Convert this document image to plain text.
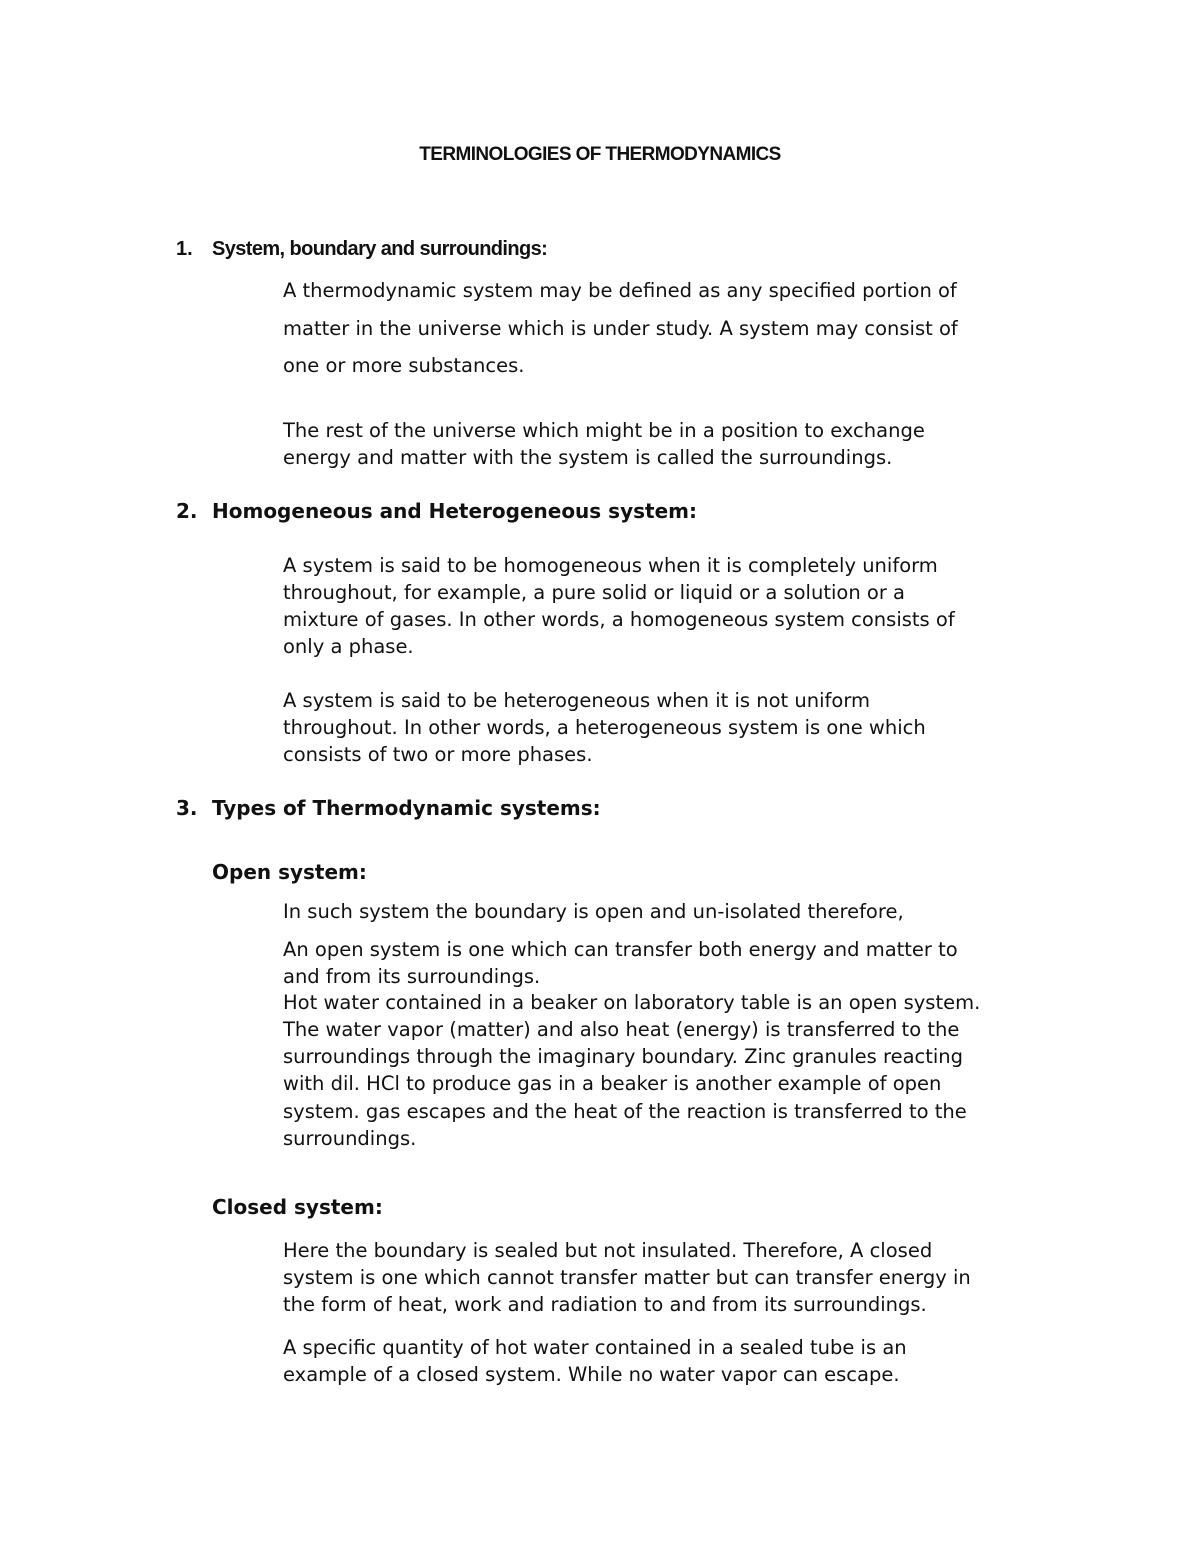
TERMINOLOGIES OF THERMODYNAMICS
1. System, boundary and surroundings:
A thermodynamic system may be defined as any specified portion of
matter in the universe which is under study. A system may consist of
one or more substances.
The rest of the universe which might be in a position to exchange
energy and matter with the system is called the surroundings.
2. Homogeneous and Heterogeneous system:
A system is said to be homogeneous when it is completely uniform
throughout, for example, a pure solid or liquid or a solution or a
mixture of gases. In other words, a homogeneous system consists of
only a phase.
A system is said to be heterogeneous when it is not uniform
throughout. In other words, a heterogeneous system is one which
consists of two or more phases.
3. Types of Thermodynamic systems:
Open system:
In such system the boundary is open and un-isolated therefore,
An open system is one which can transfer both energy and matter to
and from its surroundings.
Hot water contained in a beaker on laboratory table is an open system.
The water vapor (matter) and also heat (energy) is transferred to the
surroundings through the imaginary boundary. Zinc granules reacting
with dil. HCl to produce gas in a beaker is another example of open
system. gas escapes and the heat of the reaction is transferred to the
surroundings.
Closed system:
Here the boundary is sealed but not insulated. Therefore, A closed
system is one which cannot transfer matter but can transfer energy in
the form of heat, work and radiation to and from its surroundings.
A specific quantity of hot water contained in a sealed tube is an
example of a closed system. While no water vapor can escape.
